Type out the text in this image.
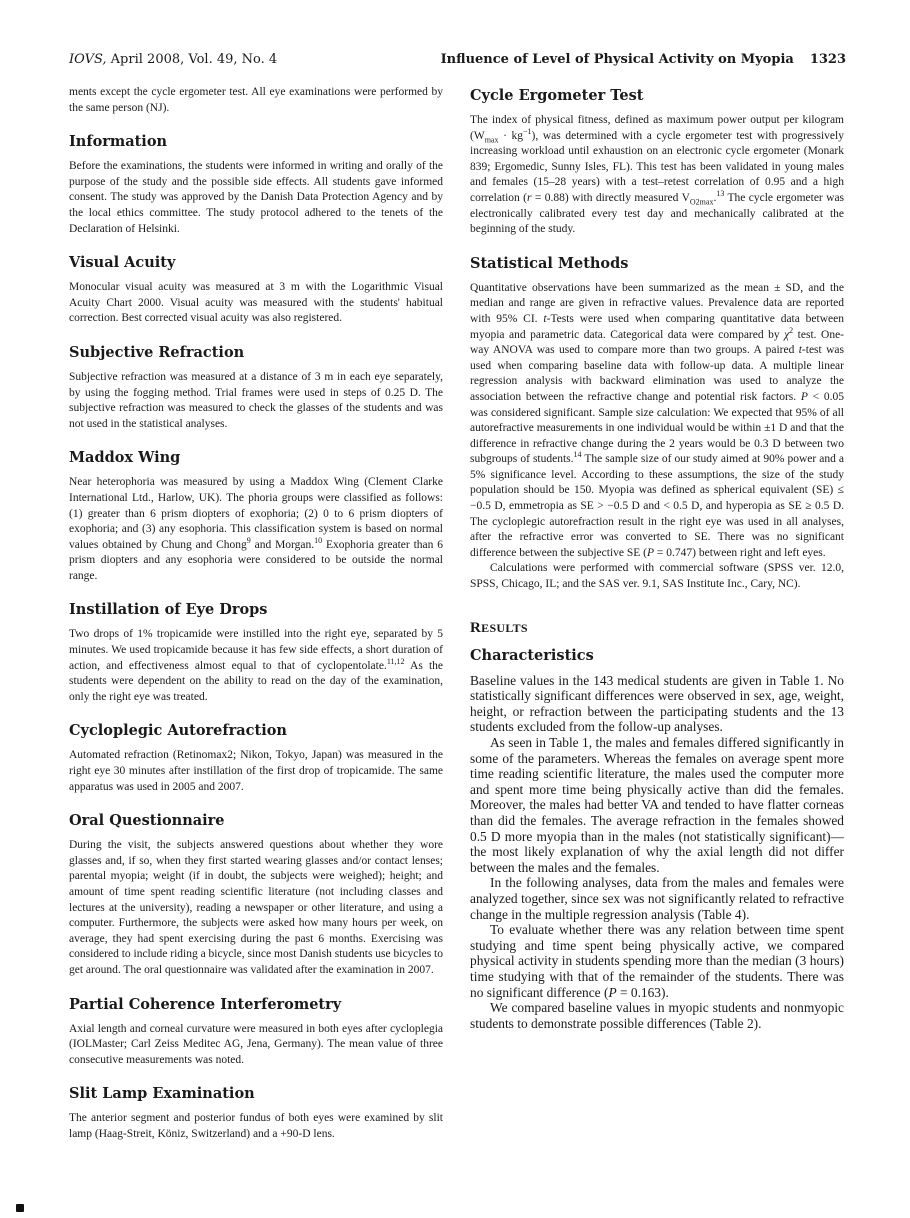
IOVS, April 2008, Vol. 49, No. 4	Influence of Level of Physical Activity on Myopia 1323

ments except the cycle ergometer test. All eye examinations were performed by the same person (NJ).

Information

Before the examinations, the students were informed in writing and orally of the purpose of the study and the possible side effects. All students gave informed consent. The study was approved by the Danish Data Protection Agency and by the local ethics committee. The study protocol adhered to the tenets of the Declaration of Helsinki.

Visual Acuity

Monocular visual acuity was measured at 3 m with the Logarithmic Visual Acuity Chart 2000. Visual acuity was measured with the students' habitual correction. Best corrected visual acuity was also registered.

Subjective Refraction

Subjective refraction was measured at a distance of 3 m in each eye separately, by using the fogging method. Trial frames were used in steps of 0.25 D. The subjective refraction was measured to check the glasses of the students and was not used in the statistical analyses.

Maddox Wing

Near heterophoria was measured by using a Maddox Wing (Clement Clarke International Ltd., Harlow, UK). The phoria groups were classified as follows: (1) greater than 6 prism diopters of exophoria; (2) 0 to 6 prism diopters of exophoria; and (3) any esophoria. This classification system is based on normal values obtained by Chung and Chong$^9$ and Morgan.$^{10}$ Exophoria greater than 6 prism diopters and any esophoria were considered to be outside the normal range.

Instillation of Eye Drops

Two drops of 1% tropicamide were instilled into the right eye, separated by 5 minutes. We used tropicamide because it has few side effects, a short duration of action, and effectiveness almost equal to that of cyclopentolate.$^{11,12}$ As the students were dependent on the ability to read on the day of the examination, only the right eye was treated.

Cycloplegic Autorefraction

Automated refraction (Retinomax2; Nikon, Tokyo, Japan) was measured in the right eye 30 minutes after instillation of the first drop of tropicamide. The same apparatus was used in 2005 and 2007.

Oral Questionnaire

During the visit, the subjects answered questions about whether they wore glasses and, if so, when they first started wearing glasses and/or contact lenses; parental myopia; weight (if in doubt, the subjects were weighed); height; and amount of time spent reading scientific literature (not including classes and lectures at the university), reading a newspaper or other literature, and using a computer. Furthermore, the subjects were asked how many hours per week, on average, they had spent exercising during the past 6 months. Exercising was considered to include riding a bicycle, since most Danish students use bicycles to get around. The oral questionnaire was validated after the examination in 2007.

Partial Coherence Interferometry

Axial length and corneal curvature were measured in both eyes after cycloplegia (IOLMaster; Carl Zeiss Meditec AG, Jena, Germany). The mean value of three consecutive measurements was noted.

Slit Lamp Examination

The anterior segment and posterior fundus of both eyes were examined by slit lamp (Haag-Streit, Köniz, Switzerland) and a +90-D lens.

Cycle Ergometer Test

The index of physical fitness, defined as maximum power output per kilogram $(W_{max} \cdot kg^{-1})$, was determined with a cycle ergometer test with progressively increasing workload until exhaustion on an electronic cycle ergometer (Monark 839; Ergomedic, Sunny Isles, FL). This test has been validated in young males and females (15–28 years) with a test–retest correlation of 0.95 and a high correlation (r = 0.88) with directly measured $V_{O2max}.^{13}$ The cycle ergometer was electronically calibrated every test day and mechanically calibrated at the beginning of the study.

Statistical Methods

Quantitative observations have been summarized as the mean ± SD, and the median and range are given in refractive values. Prevalence data are reported with 95% CI. t-Tests were used when comparing quantitative data between myopia and parametric data. Categorical data were compared by $\chi^2$ test. One-way ANOVA was used to compare more than two groups. A paired t-test was used when comparing baseline data with follow-up data. A multiple linear regression analysis with backward elimination was used to analyze the association between the refractive change and potential risk factors. P < 0.05 was considered significant. Sample size calculation: We expected that 95% of all autorefractive measurements in one individual would be within ±1 D and that the difference in refractive change during the 2 years would be 0.3 D between two subgroups of students.$^{14}$ The sample size of our study aimed at 90% power and a 5% significance level. According to these assumptions, the size of the study population should be 150. Myopia was defined as spherical equivalent (SE) ≤ −0.5 D, emmetropia as SE > −0.5 D and < 0.5 D, and hyperopia as SE ≥ 0.5 D. The cycloplegic autorefraction result in the right eye was used in all analyses, after the refractive error was converted to SE. There was no significant difference between the subjective SE (P = 0.747) between right and left eyes.

Calculations were performed with commercial software (SPSS ver. 12.0, SPSS, Chicago, IL; and the SAS ver. 9.1, SAS Institute Inc., Cary, NC).

RESULTS
Characteristics

Baseline values in the 143 medical students are given in Table 1. No statistically significant differences were observed in sex, age, weight, height, or refraction between the participating students and the 13 students excluded from the follow-up analyses.

As seen in Table 1, the males and females differed significantly in some of the parameters. Whereas the females on average spent more time reading scientific literature, the males used the computer more and spent more time being physically active than did the females. Moreover, the males had better VA and tended to have flatter corneas than did the females. The average refraction in the females showed 0.5 D more myopia than in the males (not statistically significant)—the most likely explanation of why the axial length did not differ between the males and the females.

In the following analyses, data from the males and females were analyzed together, since sex was not significantly related to refractive change in the multiple regression analysis (Table 4).

To evaluate whether there was any relation between time spent studying and time spent being physically active, we compared physical activity in students spending more than the median (3 hours) time studying with that of the remainder of the students. There was no significant difference (P = 0.163).

We compared baseline values in myopic students and nonmyopic students to demonstrate possible differences (Table 2).
